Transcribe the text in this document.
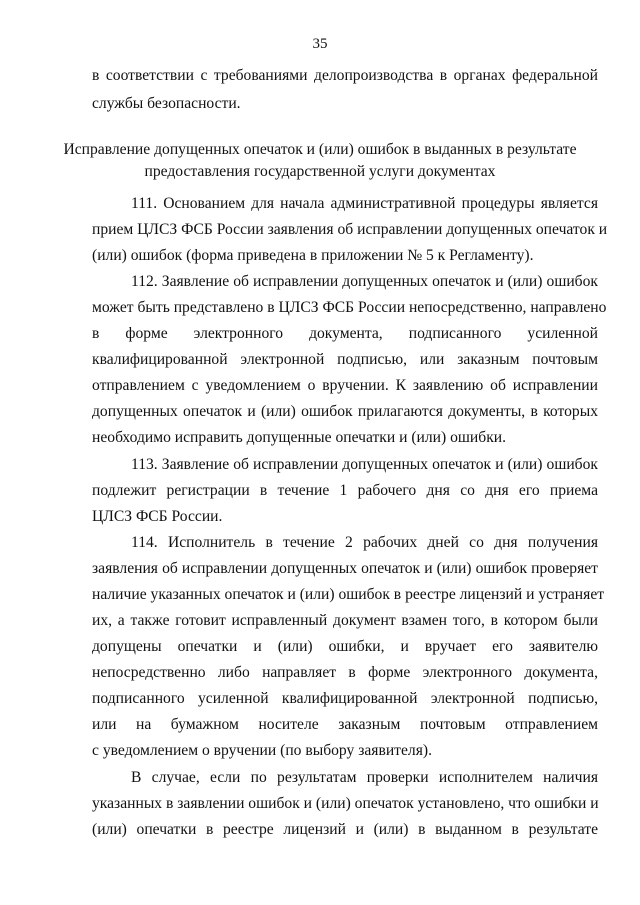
35
в соответствии с требованиями делопроизводства в органах федеральной
службы безопасности.
Исправление допущенных опечаток и (или) ошибок в выданных в результате
предоставления государственной услуги документах
111. Основанием для начала административной процедуры является
прием ЦЛСЗ ФСБ России заявления об исправлении допущенных опечаток и
(или) ошибок (форма приведена в приложении № 5 к Регламенту).
112. Заявление об исправлении допущенных опечаток и (или) ошибок
может быть представлено в ЦЛСЗ ФСБ России непосредственно, направлено
в форме электронного документа, подписанного усиленной
квалифицированной электронной подписью, или заказным почтовым
отправлением с уведомлением о вручении. К заявлению об исправлении
допущенных опечаток и (или) ошибок прилагаются документы, в которых
необходимо исправить допущенные опечатки и (или) ошибки.
113. Заявление об исправлении допущенных опечаток и (или) ошибок
подлежит регистрации в течение 1 рабочего дня со дня его приема
ЦЛСЗ ФСБ России.
114. Исполнитель в течение 2 рабочих дней со дня получения
заявления об исправлении допущенных опечаток и (или) ошибок проверяет
наличие указанных опечаток и (или) ошибок в реестре лицензий и устраняет
их, а также готовит исправленный документ взамен того, в котором были
допущены опечатки и (или) ошибки, и вручает его заявителю
непосредственно либо направляет в форме электронного документа,
подписанного усиленной квалифицированной электронной подписью,
или на бумажном носителе заказным почтовым отправлением
с уведомлением о вручении (по выбору заявителя).
В случае, если по результатам проверки исполнителем наличия
указанных в заявлении ошибок и (или) опечаток установлено, что ошибки и
(или) опечатки в реестре лицензий и (или) в выданном в результате
